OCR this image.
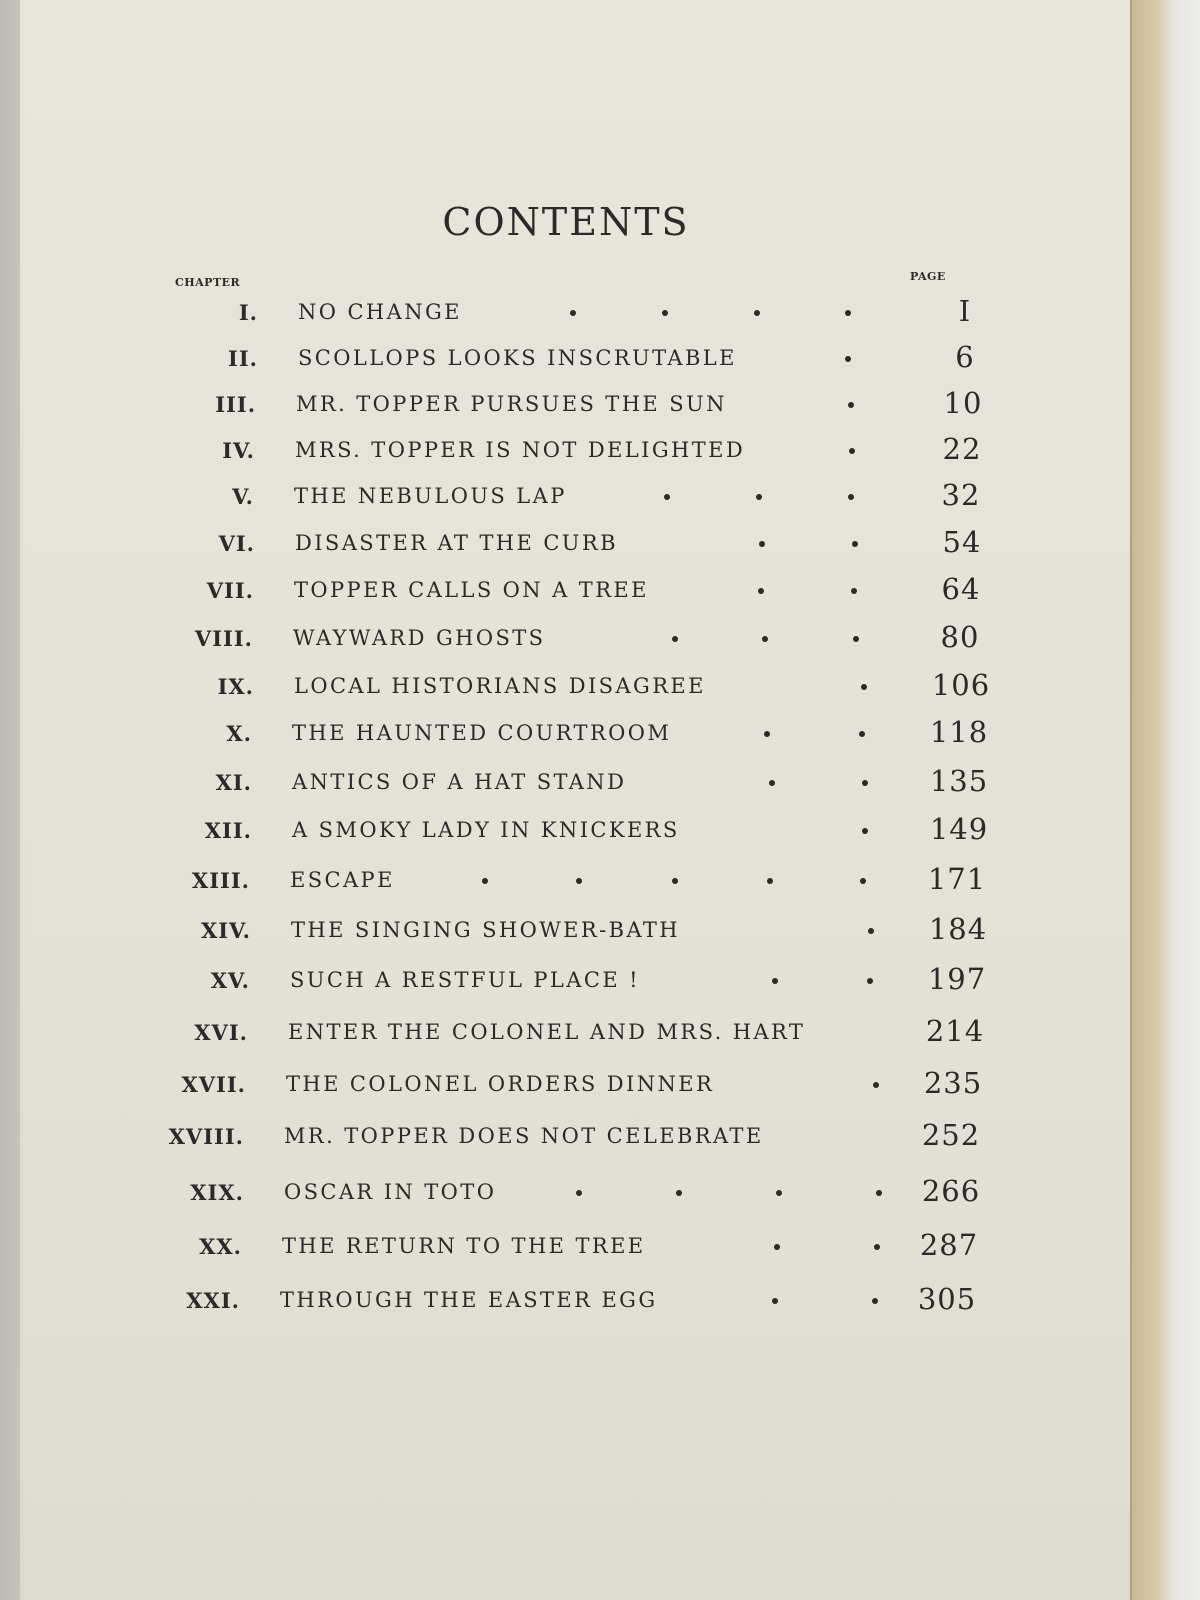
CONTENTS
CHAPTER	PAGE
I. NO CHANGE	I
II. SCOLLOPS LOOKS INSCRUTABLE	6
III. MR. TOPPER PURSUES THE SUN	10
IV. MRS. TOPPER IS NOT DELIGHTED	22
V. THE NEBULOUS LAP	32
VI. DISASTER AT THE CURB	54
VII. TOPPER CALLS ON A TREE	64
VIII. WAYWARD GHOSTS	80
IX. LOCAL HISTORIANS DISAGREE	106
X. THE HAUNTED COURTROOM	118
XI. ANTICS OF A HAT STAND	135
XII. A SMOKY LADY IN KNICKERS	149
XIII. ESCAPE	171
XIV. THE SINGING SHOWER-BATH	184
XV. SUCH A RESTFUL PLACE !	197
XVI. ENTER THE COLONEL AND MRS. HART	214
XVII. THE COLONEL ORDERS DINNER	235
XVIII. MR. TOPPER DOES NOT CELEBRATE	252
XIX. OSCAR IN TOTO	266
XX. THE RETURN TO THE TREE	287
XXI. THROUGH THE EASTER EGG	305
